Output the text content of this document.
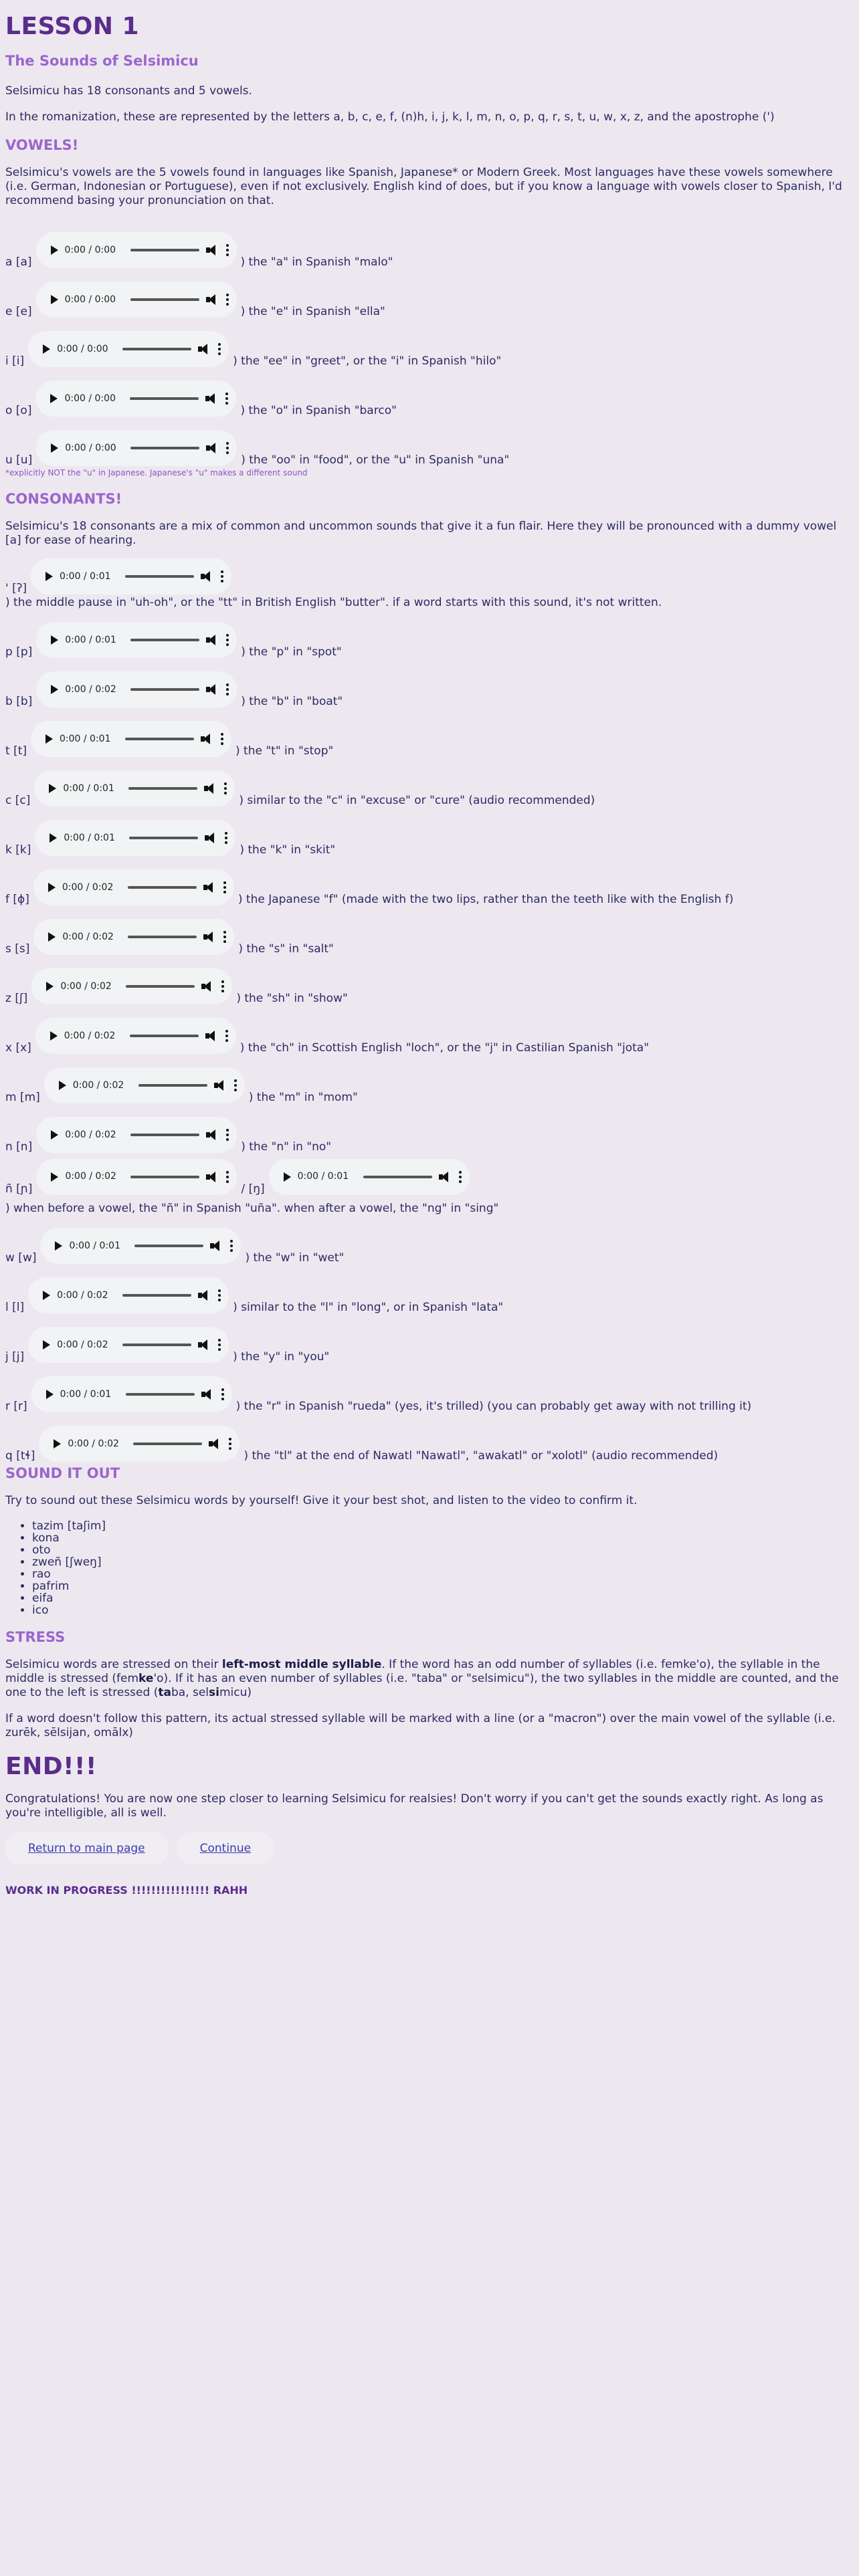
LESSON 1
The Sounds of Selsimicu

Selsimicu has 18 consonants and 5 vowels.

In the romanization, these are represented by the letters a, b, c, e, f, (n)h, i, j, k, l, m, n, o, p, q, r, s, t, u, w, x, z, and the apostrophe (')

VOWELS!

Selsimicu's vowels are the 5 vowels found in languages like Spanish, Japanese* or Modern Greek. Most languages have these vowels somewhere (i.e. German, Indonesian or Portuguese), even if not exclusively. English kind of does, but if you know a language with vowels closer to Spanish, I'd recommend basing your pronunciation on that.

a [a]
0:00 / 0:00
) the "a" in Spanish "malo"
e [e]
0:00 / 0:00
) the "e" in Spanish "ella"
i [i]
0:00 / 0:00
) the "ee" in "greet", or the "i" in Spanish "hilo"
o [o]
0:00 / 0:00
) the "o" in Spanish "barco"
u [u]
0:00 / 0:00
) the "oo" in "food", or the "u" in Spanish "una"
*explicitly NOT the "u" in Japanese. Japanese's "u" makes a different sound
CONSONANTS!

Selsimicu's 18 consonants are a mix of common and uncommon sounds that give it a fun flair. Here they will be pronounced with a dummy vowel [a] for ease of hearing.

' [ʔ]
0:00 / 0:01
) the middle pause in "uh-oh", or the "tt" in British English "butter". if a word starts with this sound, it's not written.
p [p]
0:00 / 0:01
) the "p" in "spot"
b [b]
0:00 / 0:02
) the "b" in "boat"
t [t]
0:00 / 0:01
) the "t" in "stop"
c [c]
0:00 / 0:01
) similar to the "c" in "excuse" or "cure" (audio recommended)
k [k]
0:00 / 0:01
) the "k" in "skit"
f [ɸ]
0:00 / 0:02
) the Japanese "f" (made with the two lips, rather than the teeth like with the English f)
s [s]
0:00 / 0:02
) the "s" in "salt"
z [ʃ]
0:00 / 0:02
) the "sh" in "show"
x [x]
0:00 / 0:02
) the "ch" in Scottish English "loch", or the "j" in Castilian Spanish "jota"
m [m]
0:00 / 0:02
) the "m" in "mom"
n [n]
0:00 / 0:02
) the "n" in "no"
ñ [ɲ]
0:00 / 0:02
/ [ŋ]
0:00 / 0:01
) when before a vowel, the "ñ" in Spanish "uña". when after a vowel, the "ng" in "sing"
w [w]
0:00 / 0:01
) the "w" in "wet"
l [l]
0:00 / 0:02
) similar to the "l" in "long", or in Spanish "lata"
j [j]
0:00 / 0:02
) the "y" in "you"
r [r]
0:00 / 0:01
) the "r" in Spanish "rueda" (yes, it's trilled) (you can probably get away with not trilling it)
q [tɬ]
0:00 / 0:02
) the "tl" at the end of Nawatl "Nawatl", "awakatl" or "xolotl" (audio recommended)
SOUND IT OUT

Try to sound out these Selsimicu words by yourself! Give it your best shot, and listen to the video to confirm it.

• tazim [taʃim]
• kona
• oto
• zweñ [ʃweŋ]
• rao
• pafrim
• eifa
• ico
STRESS

Selsimicu words are stressed on their left-most middle syllable. If the word has an odd number of syllables (i.e. femke'o), the syllable in the middle is stressed (femke'o). If it has an even number of syllables (i.e. "taba" or "selsimicu"), the two syllables in the middle are counted, and the one to the left is stressed (taba, selsimicu)

If a word doesn't follow this pattern, its actual stressed syllable will be marked with a line (or a "macron") over the main vowel of the syllable (i.e. zurēk, sēlsijan, omālx)

END!!!

Congratulations! You are now one step closer to learning Selsimicu for realsies! Don't worry if you can't get the sounds exactly right. As long as you're intelligible, all is well.

Return to main page	Continue

WORK IN PROGRESS !!!!!!!!!!!!!!!! RAHH
